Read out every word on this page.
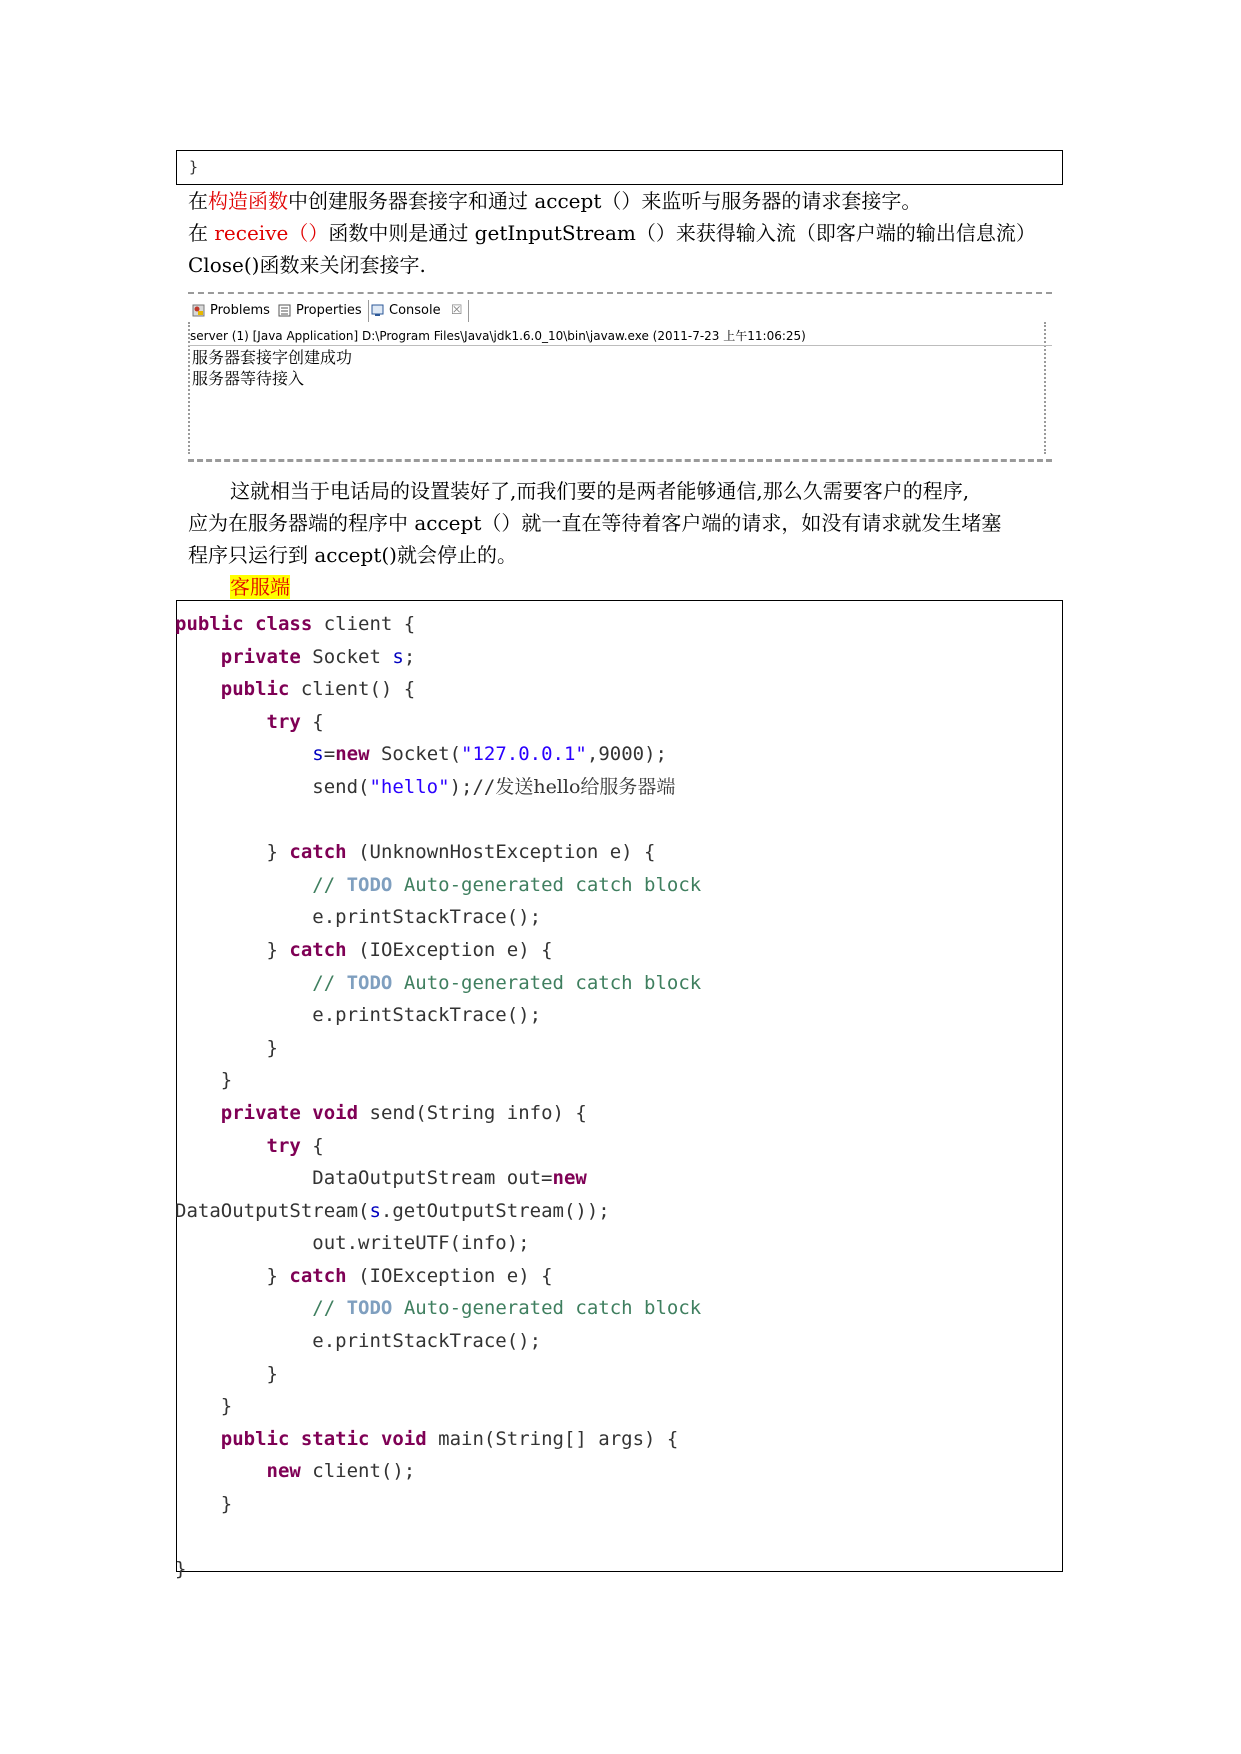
}
在构造函数中创建服务器套接字和通过 accept（）来监听与服务器的请求套接字。
在 receive（）函数中则是通过 getInputStream（）来获得输入流（即客户端的输出信息流）
Close()函数来关闭套接字.
Problems	Properties	Console ☒
server (1) [Java Application] D:\Program Files\Java\jdk1.6.0_10\bin\javaw.exe (2011-7-23 上午11:06:25)
服务器套接字创建成功
服务器等待接入
这就相当于电话局的设置装好了,而我们要的是两者能够通信,那么久需要客户的程序,
应为在服务器端的程序中 accept（）就一直在等待着客户端的请求，如没有请求就发生堵塞
程序只运行到 accept()就会停止的。
客服端
public class client {
private Socket s;
public client() {
try {
s=new Socket("127.0.0.1",9000);
send("hello");//发送hello给服务器端

} catch (UnknownHostException e) {
// TODO Auto-generated catch block
e.printStackTrace();
} catch (IOException e) {
// TODO Auto-generated catch block
e.printStackTrace();
}
}
private void send(String info) {
try {
DataOutputStream out=new
DataOutputStream(s.getOutputStream());
out.writeUTF(info);
} catch (IOException e) {
// TODO Auto-generated catch block
e.printStackTrace();
}
}
public static void main(String[] args) {
new client();
}

}
